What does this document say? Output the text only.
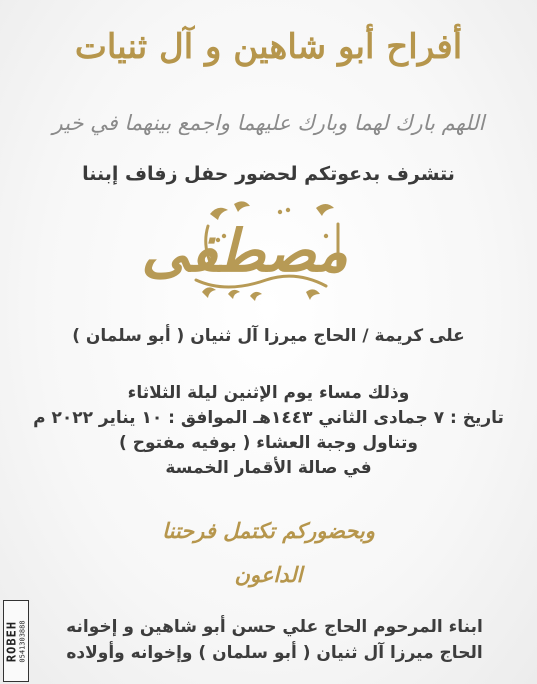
أفراح أبو شاهين و آل ثنيات
اللهم بارك لهما وبارك عليهما واجمع بينهما في خير
نتشرف بدعوتكم لحضور حفل زفاف إبننا
مصطفى
على كريمة / الحاج ميرزا آل ثنيان ( أبو سلمان )
وذلك مساء يوم الإثنين ليلة الثلاثاء
تاريخ : ٧ جمادى الثاني ١٤٤٣هـ الموافق : ١٠ يناير ٢٠٢٢ م
وتناول وجبة العشاء ( بوفيه مفتوح )
في صالة الأقمار الخمسة
وبحضوركم تكتمل فرحتنا
الداعون
ابناء المرحوم الحاج علي حسن أبو شاهين و إخوانه
الحاج ميرزا آل ثنيان ( أبو سلمان ) وإخوانه وأولاده
ROBEH 0541303888
